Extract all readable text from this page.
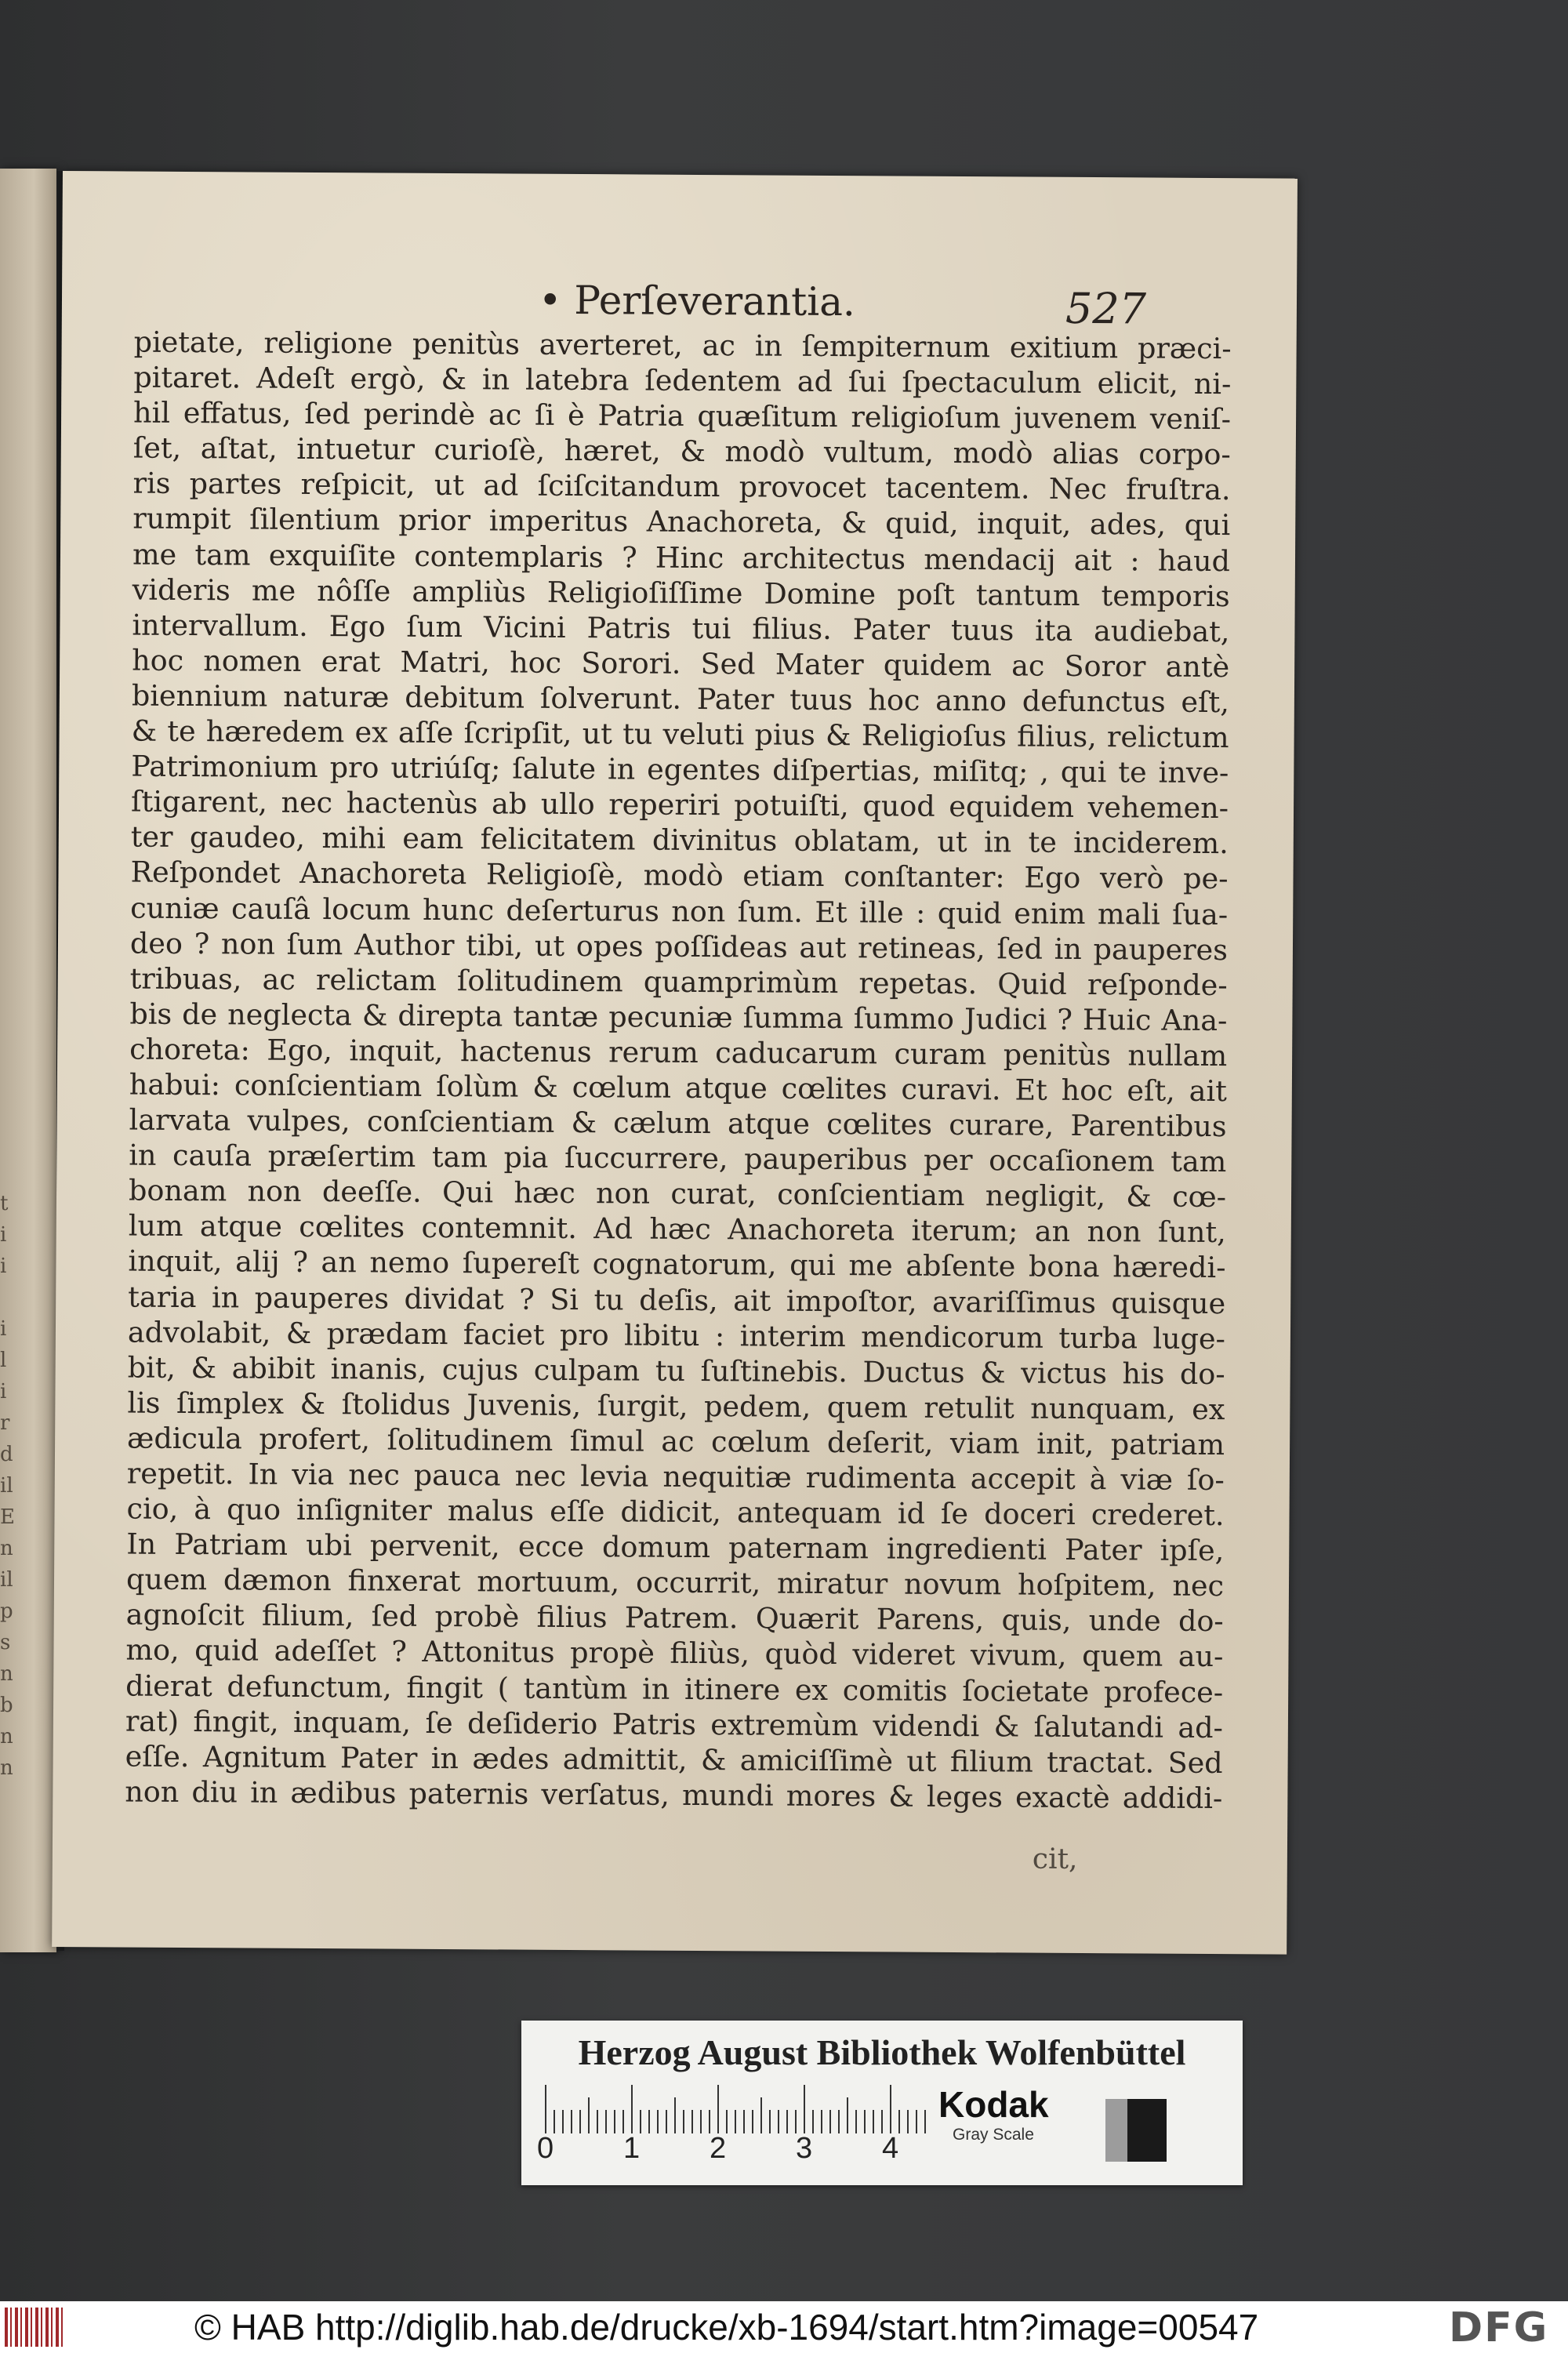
t
i
i

i
l
i
r
d
il
E
n
il
p
s
n
b
n
n
• Perſeverantia.	527
pietate, religione penitùs averteret, ac in ſempiternum exitium præci-
pitaret. Adeſt ergò, & in latebra ſedentem ad ſui ſpectaculum elicit, ni-
hil effatus, ſed perindè ac ſi è Patria quæſitum religioſum juvenem veniſ-
ſet, aſtat, intuetur curioſè, hæret, & modò vultum, modò alias corpo-
ris partes reſpicit, ut ad ſciſcitandum provocet tacentem. Nec fruſtra.
rumpit ſilentium prior imperitus Anachoreta, & quid, inquit, ades, qui
me tam exquiſite contemplaris ? Hinc architectus mendacij ait : haud
videris me nôſſe ampliùs Religioſiſſime Domine poſt tantum temporis
intervallum. Ego ſum Vicini Patris tui filius. Pater tuus ita audiebat,
hoc nomen erat Matri, hoc Sorori. Sed Mater quidem ac Soror antè
biennium naturæ debitum ſolverunt. Pater tuus hoc anno defunctus eſt,
& te hæredem ex aſſe ſcripſit, ut tu veluti pius & Religioſus filius, relictum
Patrimonium pro utriúſq; ſalute in egentes diſpertias, miſitq; , qui te inve-
ſtigarent, nec hactenùs ab ullo reperiri potuiſti, quod equidem vehemen-
ter gaudeo, mihi eam felicitatem divinitus oblatam, ut in te inciderem.
Reſpondet Anachoreta Religioſè, modò etiam conſtanter: Ego verò pe-
cuniæ cauſâ locum hunc deſerturus non ſum. Et ille : quid enim mali ſua-
deo ? non ſum Author tibi, ut opes poſſideas aut retineas, ſed in pauperes
tribuas, ac relictam ſolitudinem quamprimùm repetas. Quid reſponde-
bis de neglecta & direpta tantæ pecuniæ ſumma ſummo Judici ? Huic Ana-
choreta: Ego, inquit, hactenus rerum caducarum curam penitùs nullam
habui: conſcientiam ſolùm & cœlum atque cœlites curavi. Et hoc eſt, ait
larvata vulpes, conſcientiam & cælum atque cœlites curare, Parentibus
in cauſa præſertim tam pia ſuccurrere, pauperibus per occaſionem tam
bonam non deeſſe. Qui hæc non curat, conſcientiam negligit, & cœ-
lum atque cœlites contemnit. Ad hæc Anachoreta iterum; an non ſunt,
inquit, alij ? an nemo ſupereſt cognatorum, qui me abſente bona hæredi-
taria in pauperes dividat ? Si tu deſis, ait impoſtor, avariſſimus quisque
advolabit, & prædam faciet pro libitu : interim mendicorum turba luge-
bit, & abibit inanis, cujus culpam tu ſuſtinebis. Ductus & victus his do-
lis ſimplex & ſtolidus Juvenis, ſurgit, pedem, quem retulit nunquam, ex
ædicula profert, ſolitudinem ſimul ac cœlum deſerit, viam init, patriam
repetit. In via nec pauca nec levia nequitiæ rudimenta accepit à viæ ſo-
cio, à quo inſigniter malus eſſe didicit, antequam id ſe doceri crederet.
In Patriam ubi pervenit, ecce domum paternam ingredienti Pater ipſe,
quem dæmon finxerat mortuum, occurrit, miratur novum hoſpitem, nec
agnoſcit filium, ſed probè filius Patrem. Quærit Parens, quis, unde do-
mo, quid adeſſet ? Attonitus propè filiùs, quòd videret vivum, quem au-
dierat defunctum, fingit ( tantùm in itinere ex comitis ſocietate profece-
rat) fingit, inquam, ſe deſiderio Patris extremùm videndi & ſalutandi ad-
eſſe. Agnitum Pater in ædes admittit, & amiciſſimè ut filium tractat. Sed
non diu in ædibus paternis verſatus, mundi mores & leges exactè addidi-
cit,
Herzog August Bibliothek Wolfenbüttel
0 1 2 3 4
Kodak
Gray Scale
© HAB http://diglib.hab.de/drucke/xb-1694/start.htm?image=00547	DFG
